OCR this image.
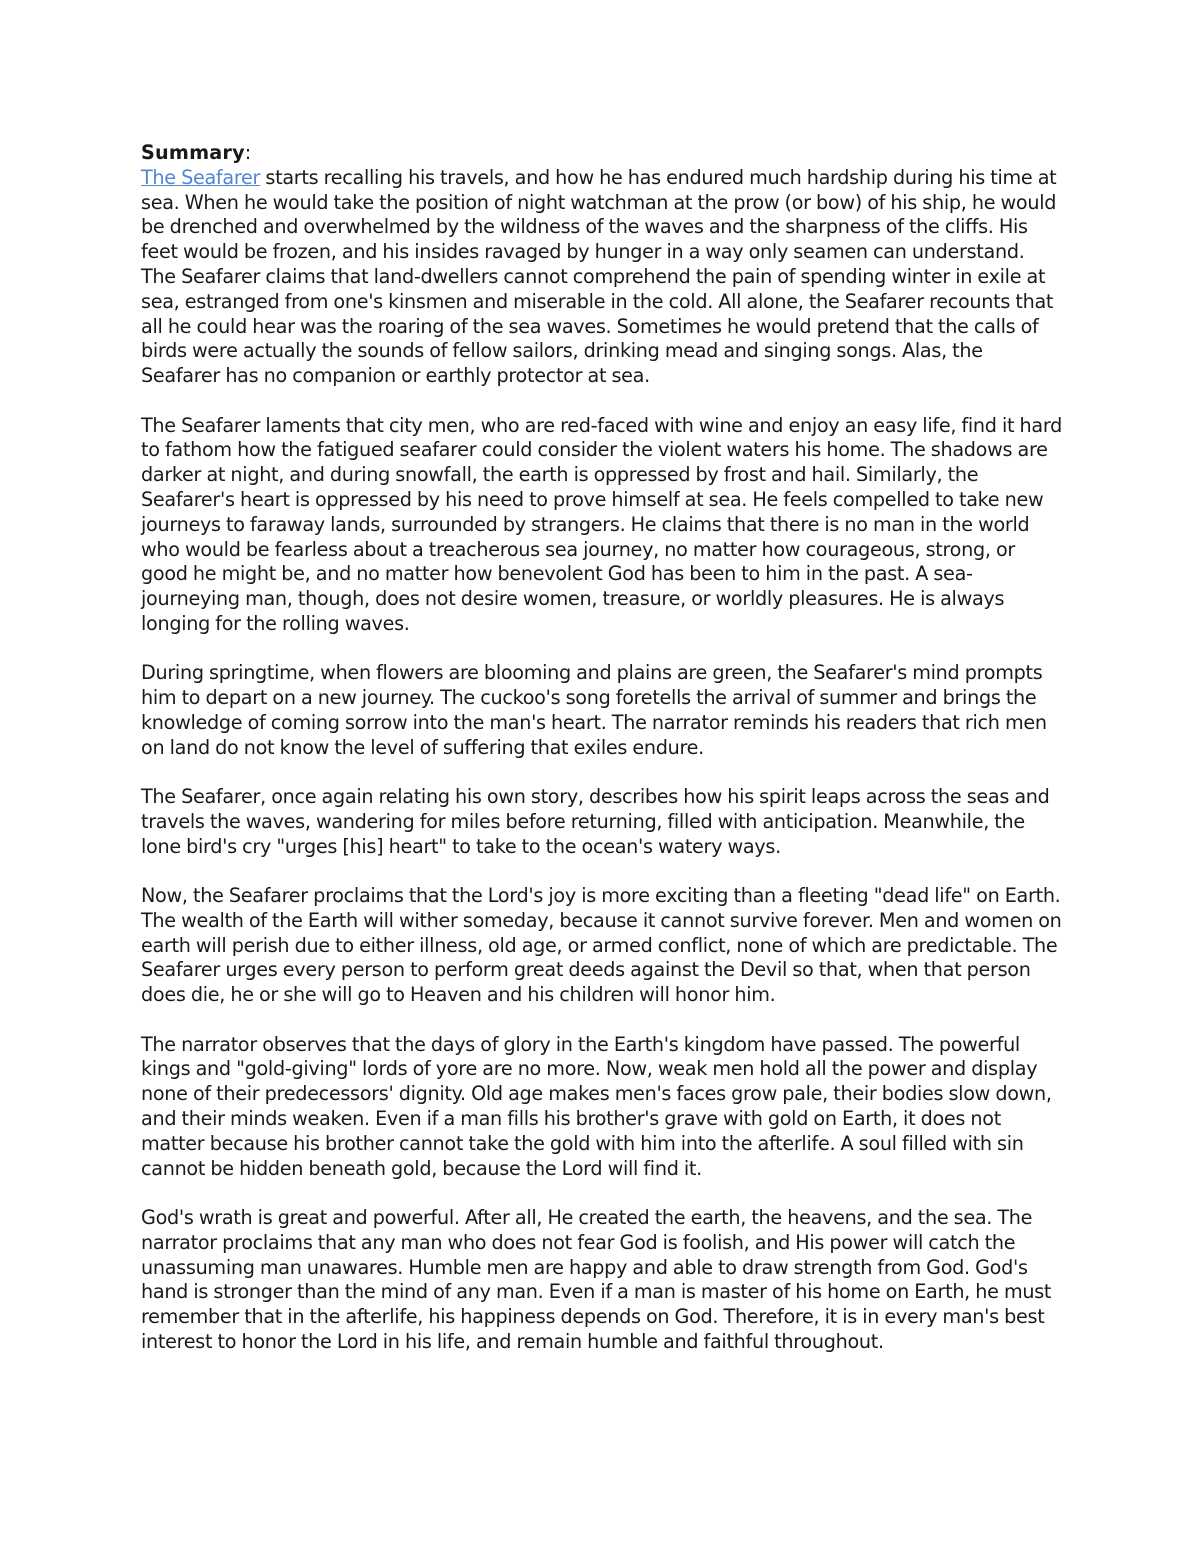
Summary:

The Seafarer starts recalling his travels, and how he has endured much hardship during his time at sea. When he would take the position of night watchman at the prow (or bow) of his ship, he would be drenched and overwhelmed by the wildness of the waves and the sharpness of the cliffs. His feet would be frozen, and his insides ravaged by hunger in a way only seamen can understand.

The Seafarer claims that land-dwellers cannot comprehend the pain of spending winter in exile at sea, estranged from one's kinsmen and miserable in the cold. All alone, the Seafarer recounts that all he could hear was the roaring of the sea waves. Sometimes he would pretend that the calls of birds were actually the sounds of fellow sailors, drinking mead and singing songs. Alas, the Seafarer has no companion or earthly protector at sea.

The Seafarer laments that city men, who are red-faced with wine and enjoy an easy life, find it hard to fathom how the fatigued seafarer could consider the violent waters his home. The shadows are darker at night, and during snowfall, the earth is oppressed by frost and hail. Similarly, the Seafarer's heart is oppressed by his need to prove himself at sea. He feels compelled to take new journeys to faraway lands, surrounded by strangers. He claims that there is no man in the world who would be fearless about a treacherous sea journey, no matter how courageous, strong, or good he might be, and no matter how benevolent God has been to him in the past. A sea-journeying man, though, does not desire women, treasure, or worldly pleasures. He is always longing for the rolling waves.

During springtime, when flowers are blooming and plains are green, the Seafarer's mind prompts him to depart on a new journey. The cuckoo's song foretells the arrival of summer and brings the knowledge of coming sorrow into the man's heart. The narrator reminds his readers that rich men on land do not know the level of suffering that exiles endure.

The Seafarer, once again relating his own story, describes how his spirit leaps across the seas and travels the waves, wandering for miles before returning, filled with anticipation. Meanwhile, the lone bird's cry "urges [his] heart" to take to the ocean's watery ways.

Now, the Seafarer proclaims that the Lord's joy is more exciting than a fleeting "dead life" on Earth. The wealth of the Earth will wither someday, because it cannot survive forever. Men and women on earth will perish due to either illness, old age, or armed conflict, none of which are predictable. The Seafarer urges every person to perform great deeds against the Devil so that, when that person does die, he or she will go to Heaven and his children will honor him.

The narrator observes that the days of glory in the Earth's kingdom have passed. The powerful kings and "gold-giving" lords of yore are no more. Now, weak men hold all the power and display none of their predecessors' dignity. Old age makes men's faces grow pale, their bodies slow down, and their minds weaken. Even if a man fills his brother's grave with gold on Earth, it does not matter because his brother cannot take the gold with him into the afterlife. A soul filled with sin cannot be hidden beneath gold, because the Lord will find it.

God's wrath is great and powerful. After all, He created the earth, the heavens, and the sea. The narrator proclaims that any man who does not fear God is foolish, and His power will catch the unassuming man unawares. Humble men are happy and able to draw strength from God. God's hand is stronger than the mind of any man. Even if a man is master of his home on Earth, he must remember that in the afterlife, his happiness depends on God. Therefore, it is in every man's best interest to honor the Lord in his life, and remain humble and faithful throughout.
